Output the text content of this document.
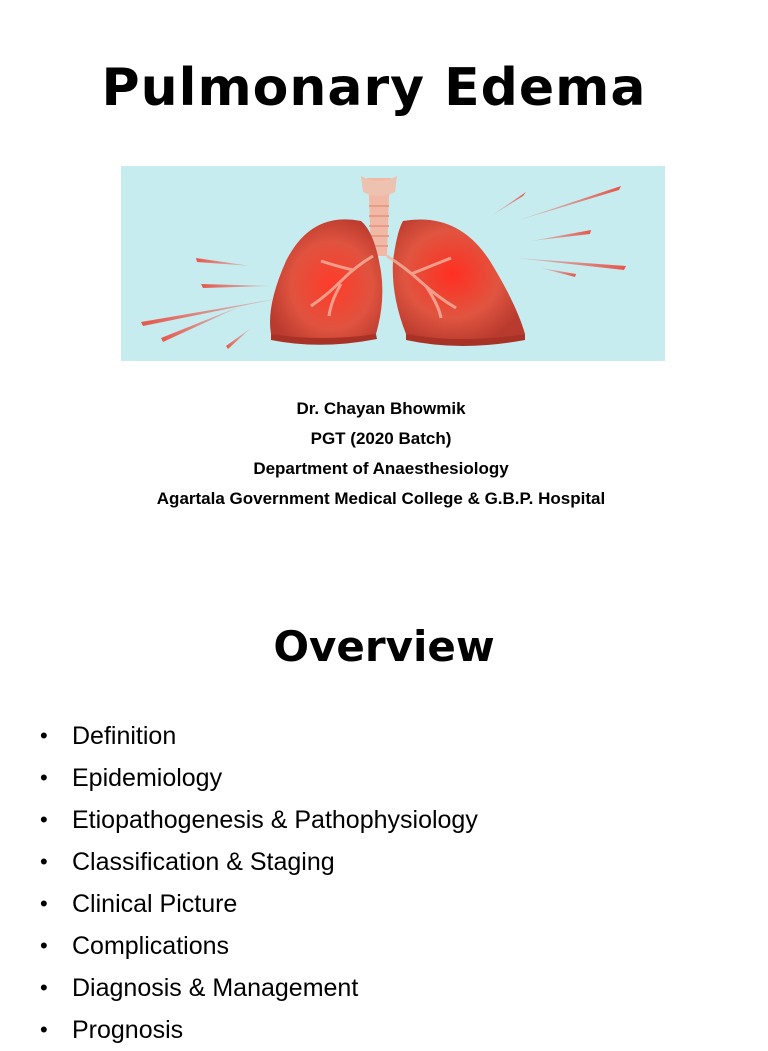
Pulmonary Edema
Dr. Chayan Bhowmik
PGT (2020 Batch)
Department of Anaesthesiology
Agartala Government Medical College & G.B.P. Hospital
Overview
• Definition
• Epidemiology
• Etiopathogenesis & Pathophysiology
• Classification & Staging
• Clinical Picture
• Complications
• Diagnosis & Management
• Prognosis
